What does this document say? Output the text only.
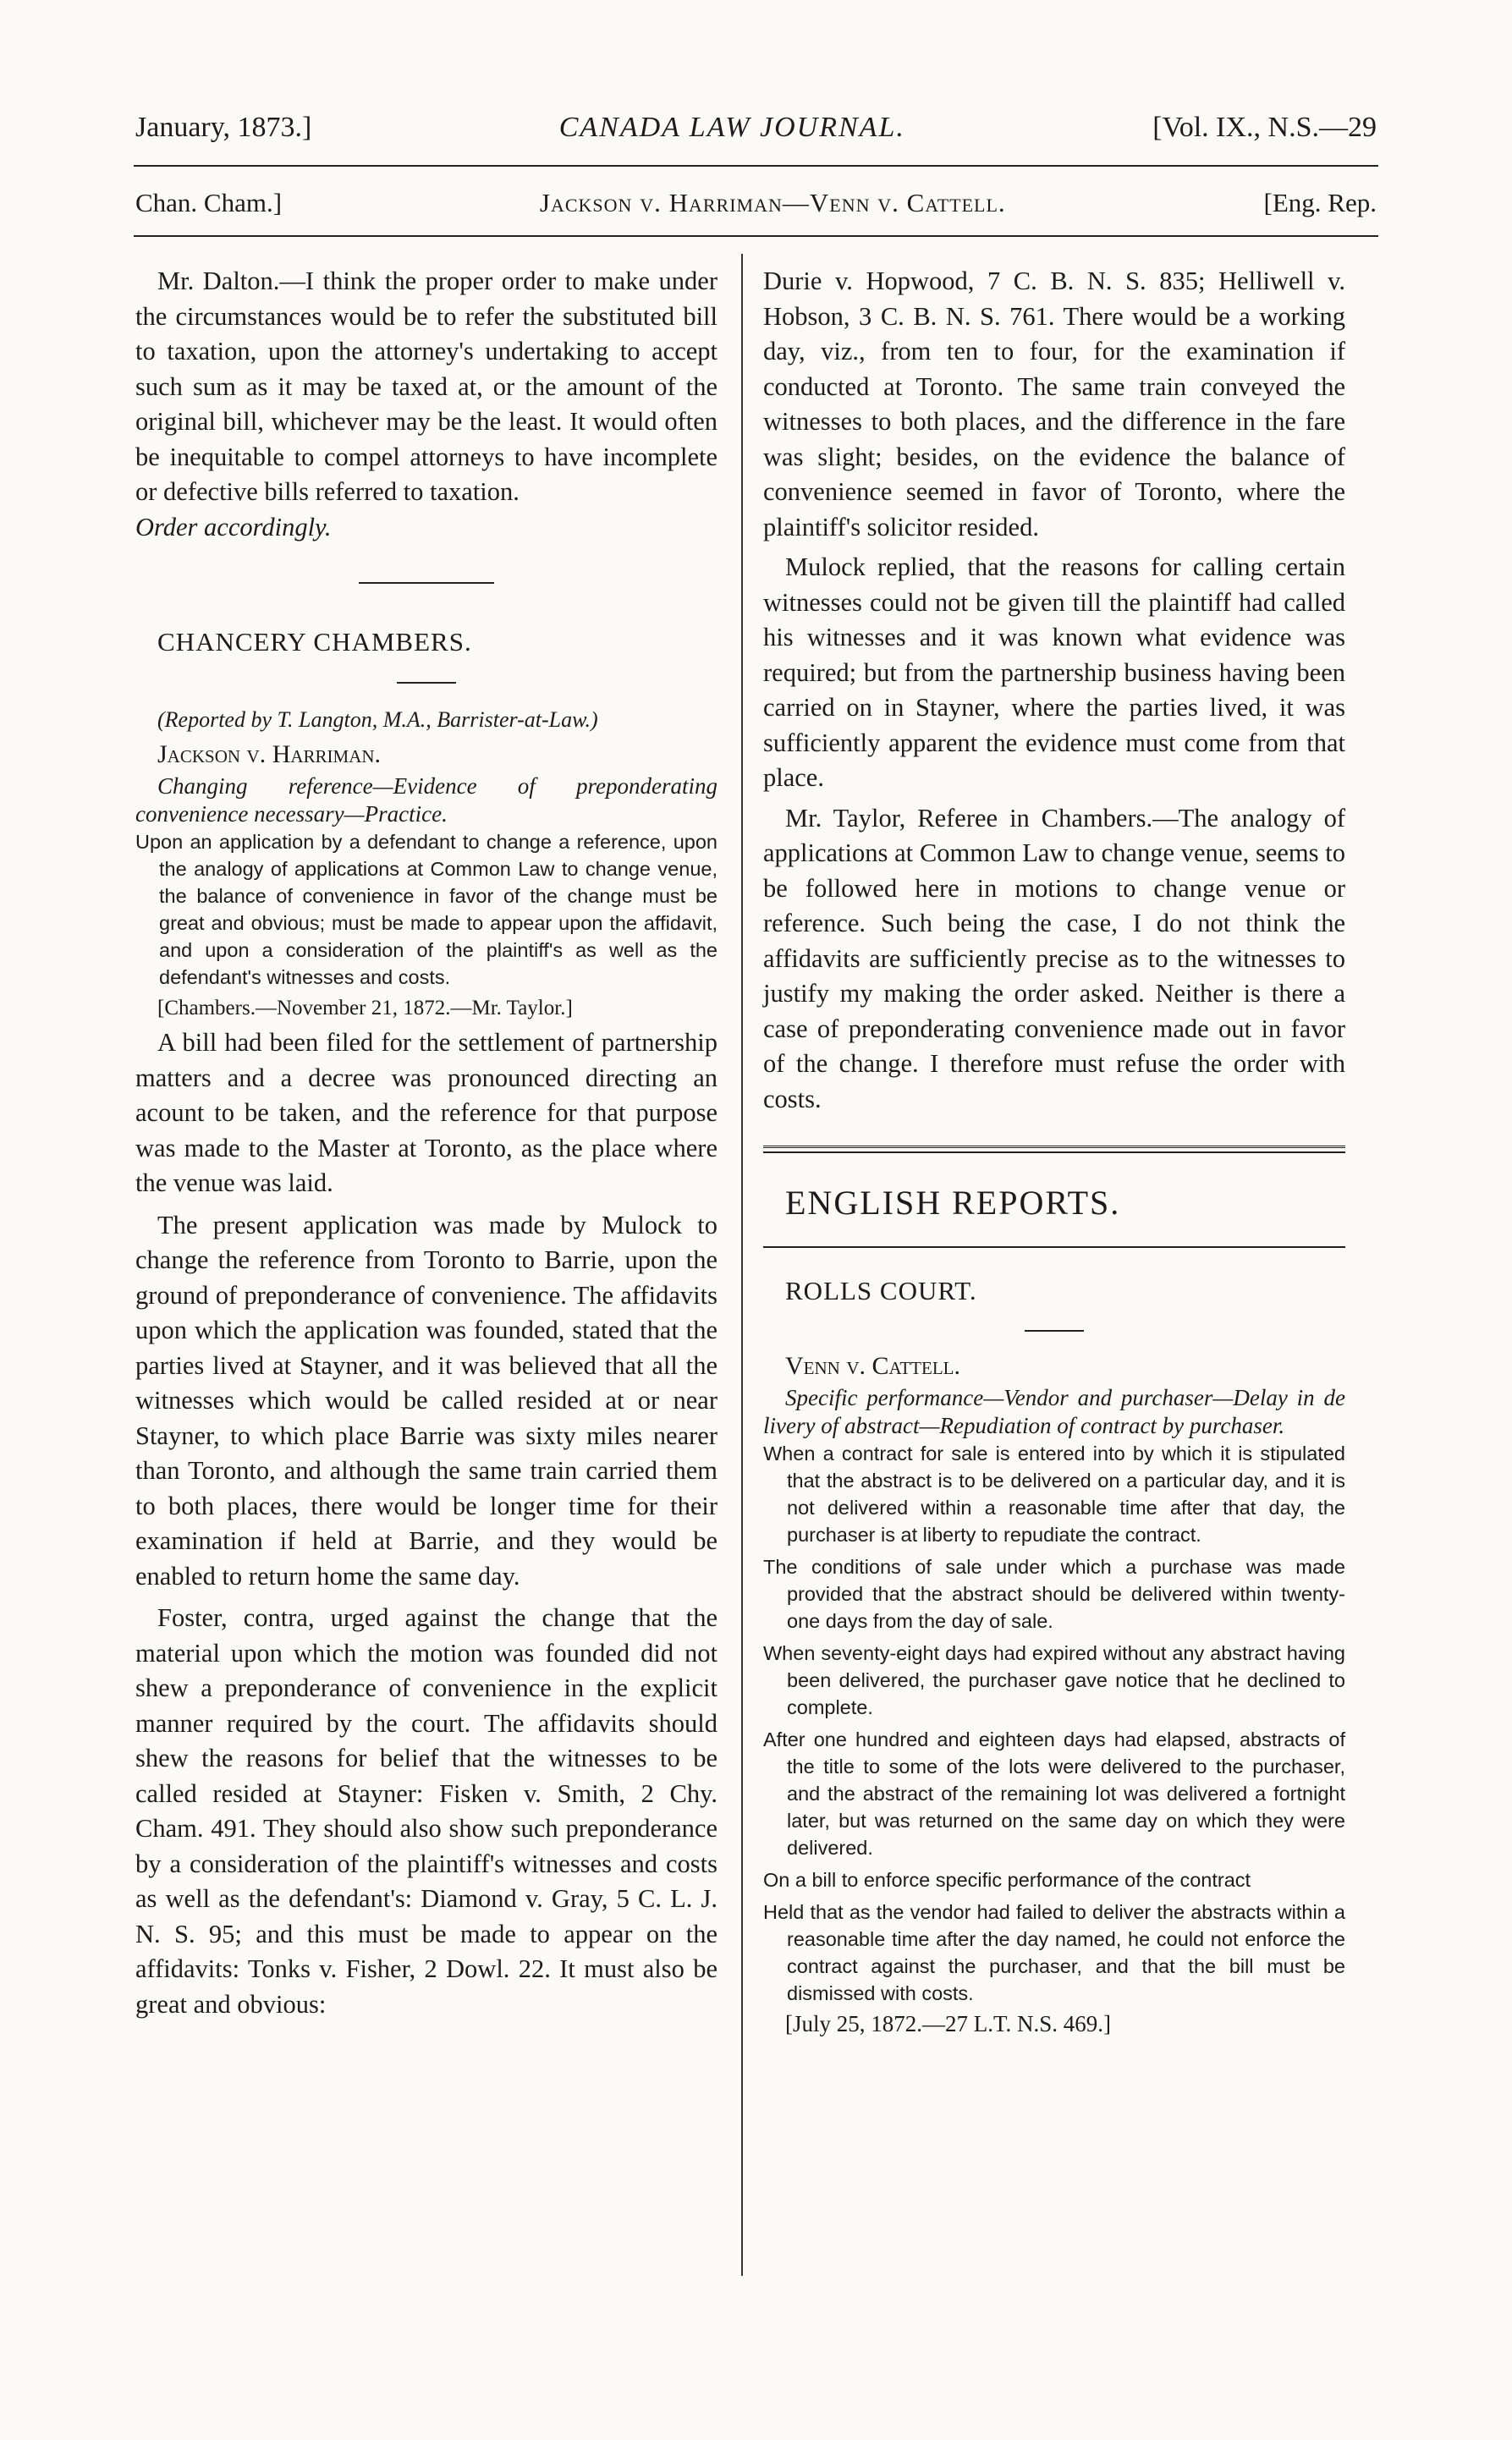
January, 1873.]	CANADA LAW JOURNAL.	[Vol. IX., N.S.—29
Chan. Cham.]	Jackson v. Harriman—Venn v. Cattell.	[Eng. Rep.

Mr. Dalton.—I think the proper order to make under the circumstances would be to refer the substituted bill to taxation, upon the attorney's undertaking to accept such sum as it may be taxed at, or the amount of the original bill, whichever may be the least. It would often be inequitable to compel attorneys to have incomplete or defective bills referred to taxation.

Order accordingly.

CHANCERY CHAMBERS.

(Reported by T. Langton, M.A., Barrister-at-Law.)

Jackson v. Harriman.

Changing reference—Evidence of preponderating convenience necessary—Practice.

Upon an application by a defendant to change a reference, upon the analogy of applications at Common Law to change venue, the balance of convenience in favor of the change must be great and obvious; must be made to appear upon the affidavit, and upon a consideration of the plaintiff's as well as the defendant's witnesses and costs.

[Chambers.—November 21, 1872.—Mr. Taylor.]

A bill had been filed for the settlement of partnership matters and a decree was pronounced directing an acount to be taken, and the reference for that purpose was made to the Master at Toronto, as the place where the venue was laid.

The present application was made by Mulock to change the reference from Toronto to Barrie, upon the ground of preponderance of convenience. The affidavits upon which the application was founded, stated that the parties lived at Stayner, and it was believed that all the witnesses which would be called resided at or near Stayner, to which place Barrie was sixty miles nearer than Toronto, and although the same train carried them to both places, there would be longer time for their examination if held at Barrie, and they would be enabled to return home the same day.

Foster, contra, urged against the change that the material upon which the motion was founded did not shew a preponderance of convenience in the explicit manner required by the court. The affidavits should shew the reasons for belief that the witnesses to be called resided at Stayner: Fisken v. Smith, 2 Chy. Cham. 491. They should also show such preponderance by a consideration of the plaintiff's witnesses and costs as well as the defendant's: Diamond v. Gray, 5 C. L. J. N. S. 95; and this must be made to appear on the affidavits: Tonks v. Fisher, 2 Dowl. 22. It must also be great and obvious:

Durie v. Hopwood, 7 C. B. N. S. 835; Helliwell v. Hobson, 3 C. B. N. S. 761. There would be a working day, viz., from ten to four, for the examination if conducted at Toronto. The same train conveyed the witnesses to both places, and the difference in the fare was slight; besides, on the evidence the balance of convenience seemed in favor of Toronto, where the plaintiff's solicitor resided.

Mulock replied, that the reasons for calling certain witnesses could not be given till the plaintiff had called his witnesses and it was known what evidence was required; but from the partnership business having been carried on in Stayner, where the parties lived, it was sufficiently apparent the evidence must come from that place.

Mr. Taylor, Referee in Chambers.—The analogy of applications at Common Law to change venue, seems to be followed here in motions to change venue or reference. Such being the case, I do not think the affidavits are sufficiently precise as to the witnesses to justify my making the order asked. Neither is there a case of preponderating convenience made out in favor of the change. I therefore must refuse the order with costs.

ENGLISH REPORTS.

ROLLS COURT.

Venn v. Cattell.

Specific performance—Vendor and purchaser—Delay in de livery of abstract—Repudiation of contract by purchaser.

When a contract for sale is entered into by which it is stipulated that the abstract is to be delivered on a particular day, and it is not delivered within a reasonable time after that day, the purchaser is at liberty to repudiate the contract.

The conditions of sale under which a purchase was made provided that the abstract should be delivered within twenty-one days from the day of sale.

When seventy-eight days had expired without any abstract having been delivered, the purchaser gave notice that he declined to complete.

After one hundred and eighteen days had elapsed, abstracts of the title to some of the lots were delivered to the purchaser, and the abstract of the remaining lot was delivered a fortnight later, but was returned on the same day on which they were delivered.

On a bill to enforce specific performance of the contract

Held that as the vendor had failed to deliver the abstracts within a reasonable time after the day named, he could not enforce the contract against the purchaser, and that the bill must be dismissed with costs.

[July 25, 1872.—27 L.T. N.S. 469.]
